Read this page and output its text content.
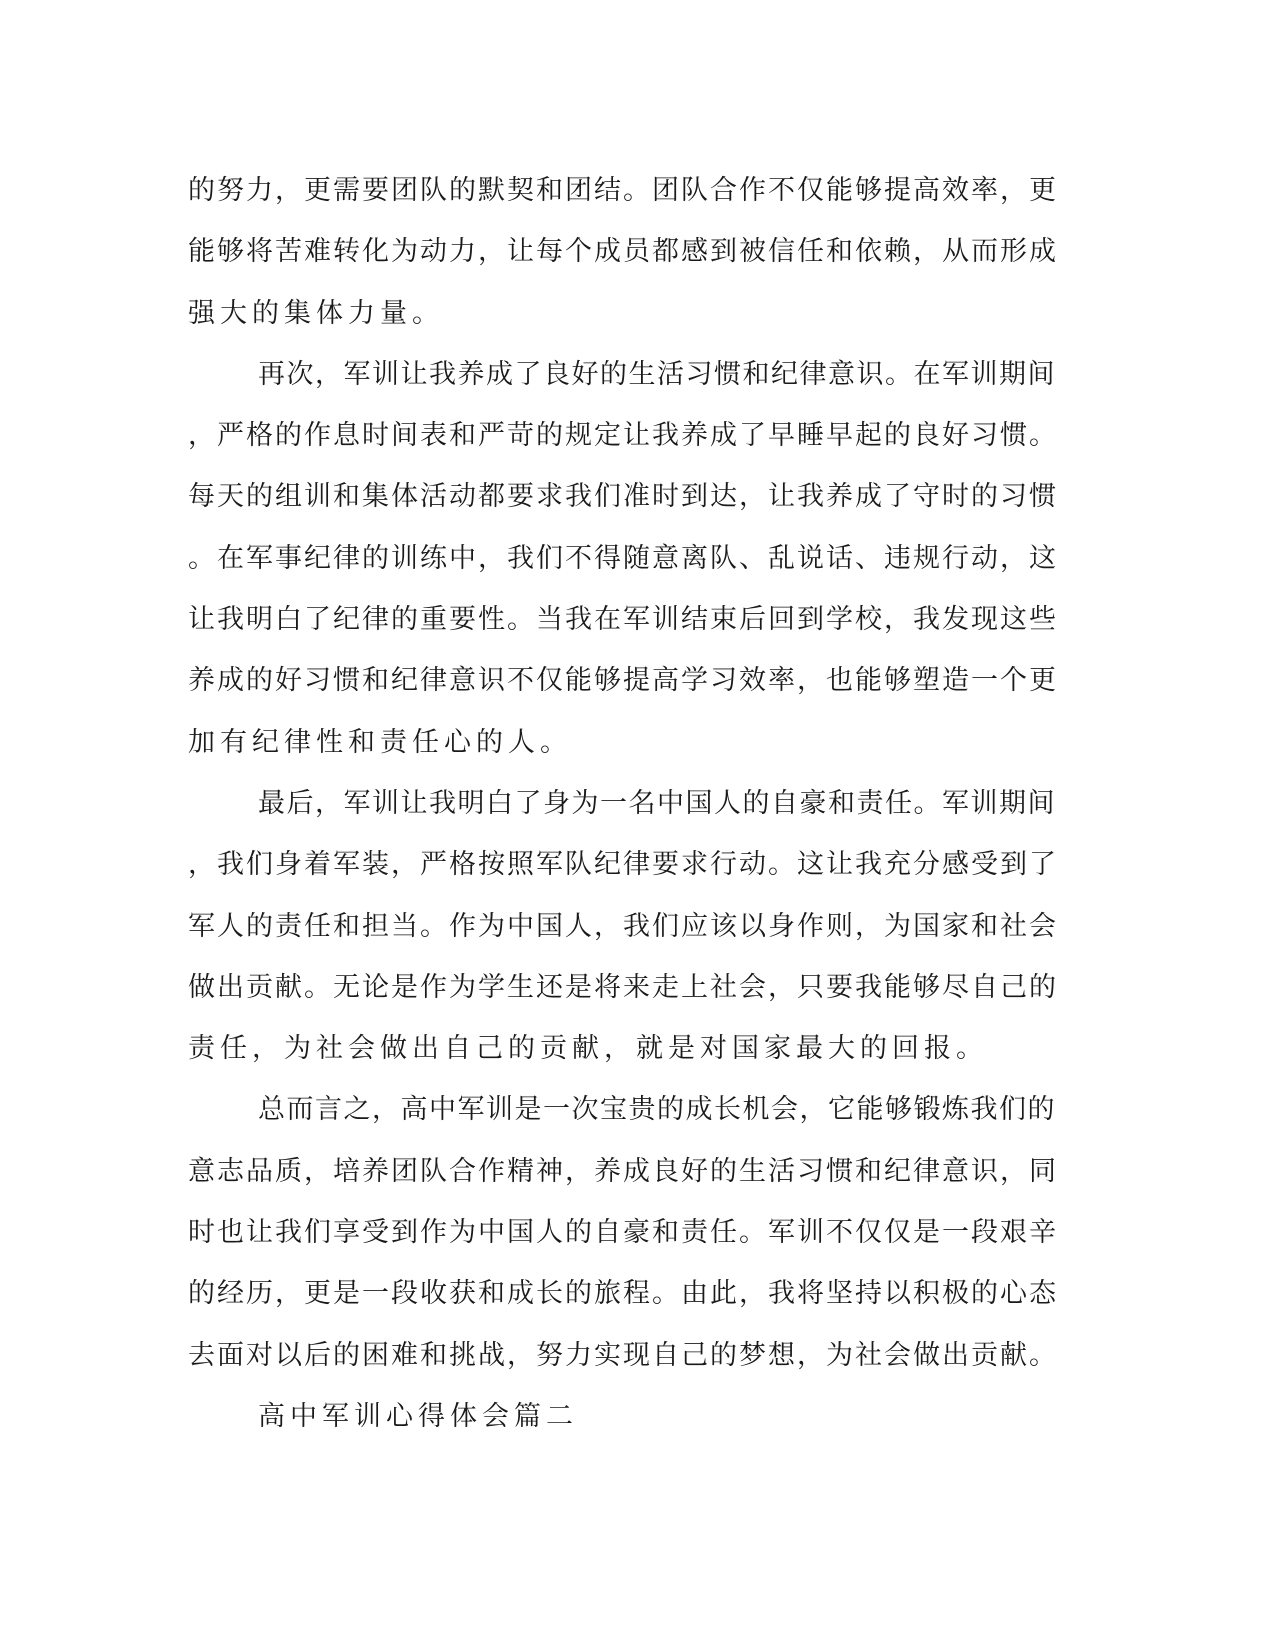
的努力，更需要团队的默契和团结。团队合作不仅能够提高效率，更
能够将苦难转化为动力，让每个成员都感到被信任和依赖，从而形成
强大的集体力量。
再次，军训让我养成了良好的生活习惯和纪律意识。在军训期间
，严格的作息时间表和严苛的规定让我养成了早睡早起的良好习惯。
每天的组训和集体活动都要求我们准时到达，让我养成了守时的习惯
。在军事纪律的训练中，我们不得随意离队、乱说话、违规行动，这
让我明白了纪律的重要性。当我在军训结束后回到学校，我发现这些
养成的好习惯和纪律意识不仅能够提高学习效率，也能够塑造一个更
加有纪律性和责任心的人。
最后，军训让我明白了身为一名中国人的自豪和责任。军训期间
，我们身着军装，严格按照军队纪律要求行动。这让我充分感受到了
军人的责任和担当。作为中国人，我们应该以身作则，为国家和社会
做出贡献。无论是作为学生还是将来走上社会，只要我能够尽自己的
责任，为社会做出自己的贡献，就是对国家最大的回报。
总而言之，高中军训是一次宝贵的成长机会，它能够锻炼我们的
意志品质，培养团队合作精神，养成良好的生活习惯和纪律意识，同
时也让我们享受到作为中国人的自豪和责任。军训不仅仅是一段艰辛
的经历，更是一段收获和成长的旅程。由此，我将坚持以积极的心态
去面对以后的困难和挑战，努力实现自己的梦想，为社会做出贡献。
高中军训心得体会篇二
